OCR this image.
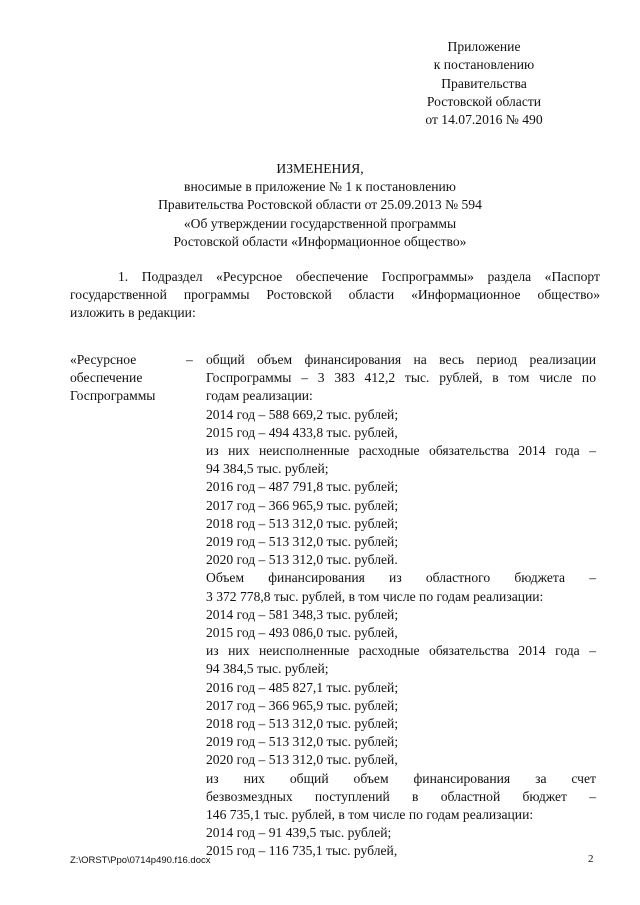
Приложение
к постановлению
Правительства
Ростовской области
от 14.07.2016 № 490
ИЗМЕНЕНИЯ,
вносимые в приложение № 1 к постановлению
Правительства Ростовской области от 25.09.2013 № 594
«Об утверждении государственной программы
Ростовской области «Информационное общество»
1. Подраздел «Ресурсное обеспечение Госпрограммы» раздела «Паспорт
государственной программы Ростовской области «Информационное общество»
изложить в редакции:
«Ресурсное
обеспечение
Госпрограммы
– общий объем финансирования на весь период реализации
Госпрограммы – 3 383 412,2 тыс. рублей, в том числе по
годам реализации:
2014 год – 588 669,2 тыс. рублей;
2015 год – 494 433,8 тыс. рублей,
из них неисполненные расходные обязательства 2014 года –
94 384,5 тыс. рублей;
2016 год – 487 791,8 тыс. рублей;
2017 год – 366 965,9 тыс. рублей;
2018 год – 513 312,0 тыс. рублей;
2019 год – 513 312,0 тыс. рублей;
2020 год – 513 312,0 тыс. рублей.
Объем финансирования из областного бюджета –
3 372 778,8 тыс. рублей, в том числе по годам реализации:
2014 год – 581 348,3 тыс. рублей;
2015 год – 493 086,0 тыс. рублей,
из них неисполненные расходные обязательства 2014 года –
94 384,5 тыс. рублей;
2016 год – 485 827,1 тыс. рублей;
2017 год – 366 965,9 тыс. рублей;
2018 год – 513 312,0 тыс. рублей;
2019 год – 513 312,0 тыс. рублей;
2020 год – 513 312,0 тыс. рублей,
из них общий объем финансирования за счет
безвозмездных поступлений в областной бюджет –
146 735,1 тыс. рублей, в том числе по годам реализации:
2014 год – 91 439,5 тыс. рублей;
2015 год – 116 735,1 тыс. рублей,
Z:\ORST\Ppo\0714p490.f16.docx	2
